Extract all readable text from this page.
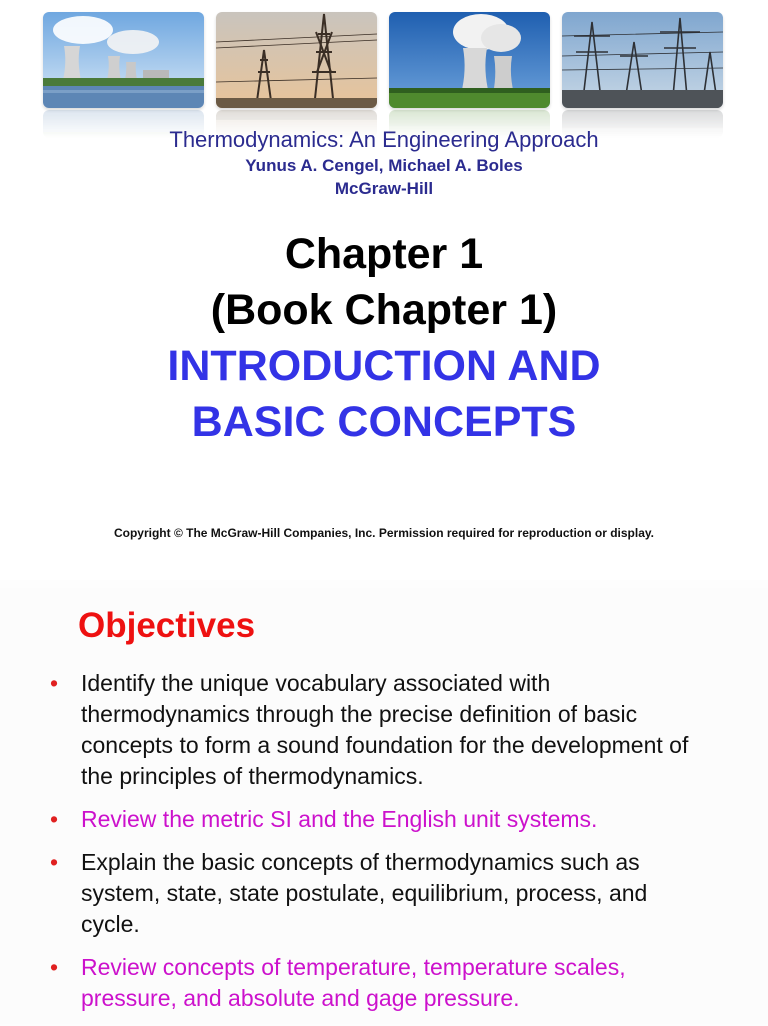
Thermodynamics: An Engineering Approach
Yunus A. Cengel, Michael A. Boles
McGraw-Hill
Chapter 1
(Book Chapter 1)
INTRODUCTION AND
BASIC CONCEPTS
Copyright © The McGraw-Hill Companies, Inc. Permission required for reproduction or display.
Objectives
• Identify the unique vocabulary associated with thermodynamics through the precise definition of basic concepts to form a sound foundation for the development of the principles of thermodynamics.
• Review the metric SI and the English unit systems.
• Explain the basic concepts of thermodynamics such as system, state, state postulate, equilibrium, process, and cycle.
• Review concepts of temperature, temperature scales, pressure, and absolute and gage pressure.
